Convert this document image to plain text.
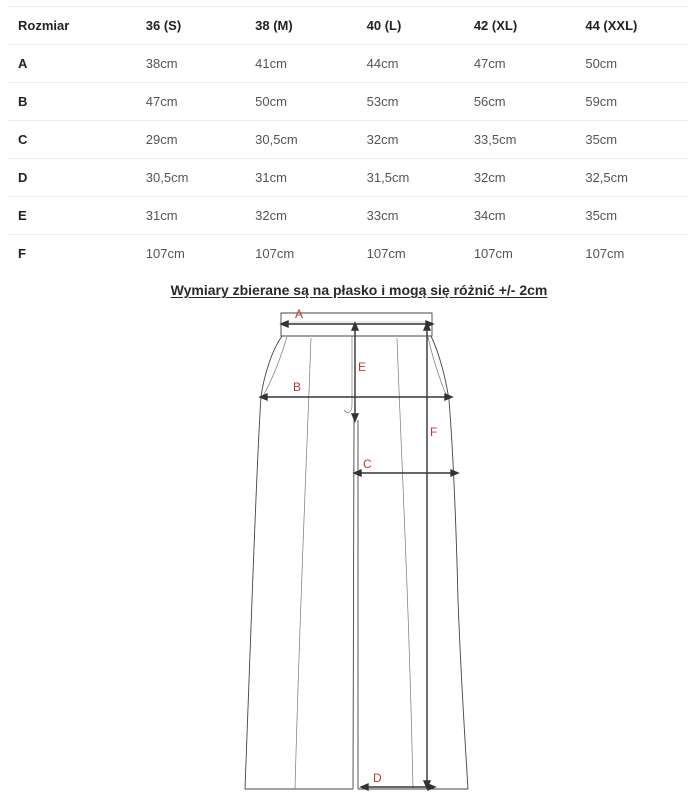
Rozmiar	36 (S)	38 (M)	40 (L)	42 (XL)	44 (XXL)
A	38cm	41cm	44cm	47cm	50cm
B	47cm	50cm	53cm	56cm	59cm
C	29cm	30,5cm	32cm	33,5cm	35cm
D	30,5cm	31cm	31,5cm	32cm	32,5cm
E	31cm	32cm	33cm	34cm	35cm
F	107cm	107cm	107cm	107cm	107cm
Wymiary zbierane są na płasko i mogą się różnić +/- 2cm
A
B
C
D
E
F
